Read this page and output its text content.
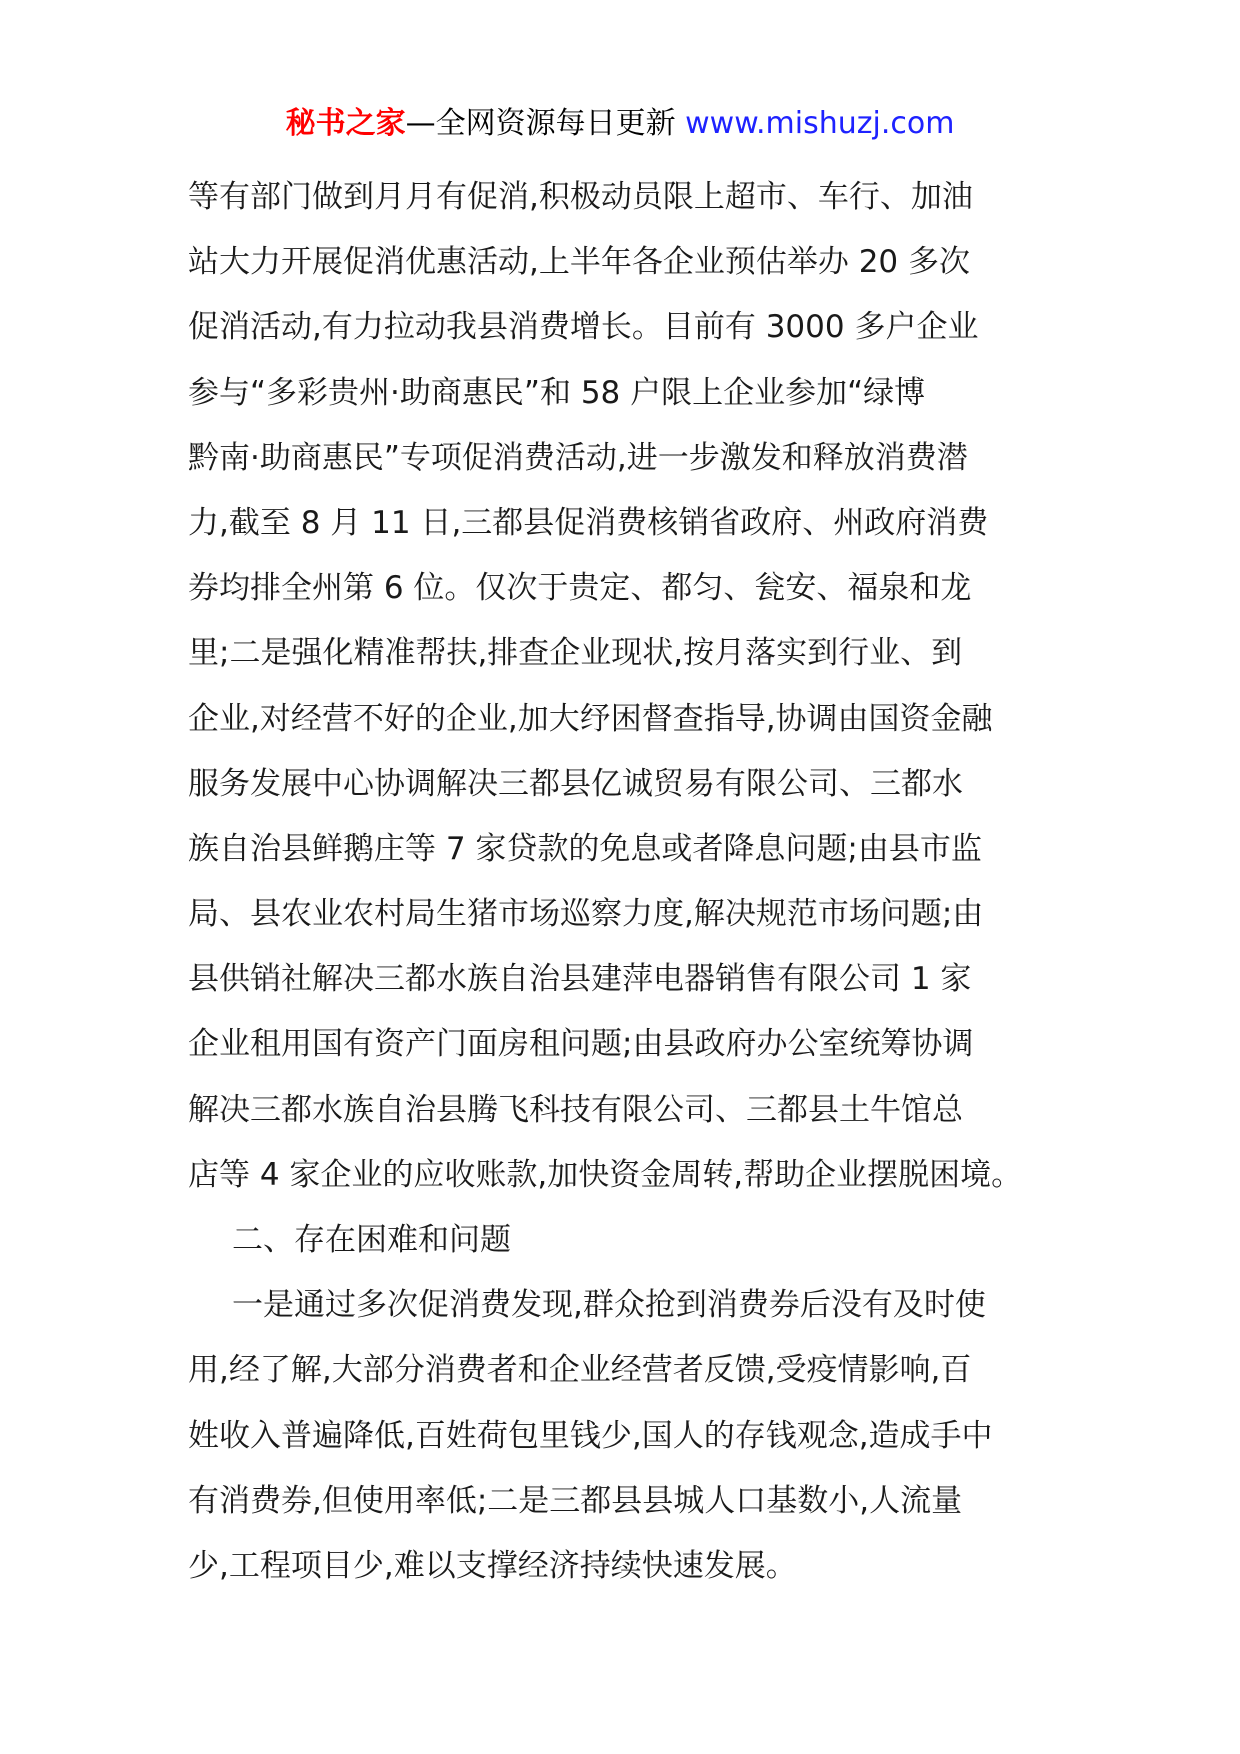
秘书之家—全网资源每日更新 www.mishuzj.com
等有部门做到月月有促消,积极动员限上超市、车行、加油
站大力开展促消优惠活动,上半年各企业预估举办 20 多次
促消活动,有力拉动我县消费增长。目前有 3000 多户企业
参与“多彩贵州·助商惠民”和 58 户限上企业参加“绿博
黔南·助商惠民”专项促消费活动,进一步激发和释放消费潜
力,截至 8 月 11 日,三都县促消费核销省政府、州政府消费
券均排全州第 6 位。仅次于贵定、都匀、瓮安、福泉和龙
里;二是强化精准帮扶,排查企业现状,按月落实到行业、到
企业,对经营不好的企业,加大纾困督查指导,协调由国资金融
服务发展中心协调解决三都县亿诚贸易有限公司、三都水
族自治县鲜鹅庄等 7 家贷款的免息或者降息问题;由县市监
局、县农业农村局生猪市场巡察力度,解决规范市场问题;由
县供销社解决三都水族自治县建萍电器销售有限公司 1 家
企业租用国有资产门面房租问题;由县政府办公室统筹协调
解决三都水族自治县腾飞科技有限公司、三都县土牛馆总
店等 4 家企业的应收账款,加快资金周转,帮助企业摆脱困境。
二、存在困难和问题
一是通过多次促消费发现,群众抢到消费券后没有及时使
用,经了解,大部分消费者和企业经营者反馈,受疫情影响,百
姓收入普遍降低,百姓荷包里钱少,国人的存钱观念,造成手中
有消费券,但使用率低;二是三都县县城人口基数小,人流量
少,工程项目少,难以支撑经济持续快速发展。
